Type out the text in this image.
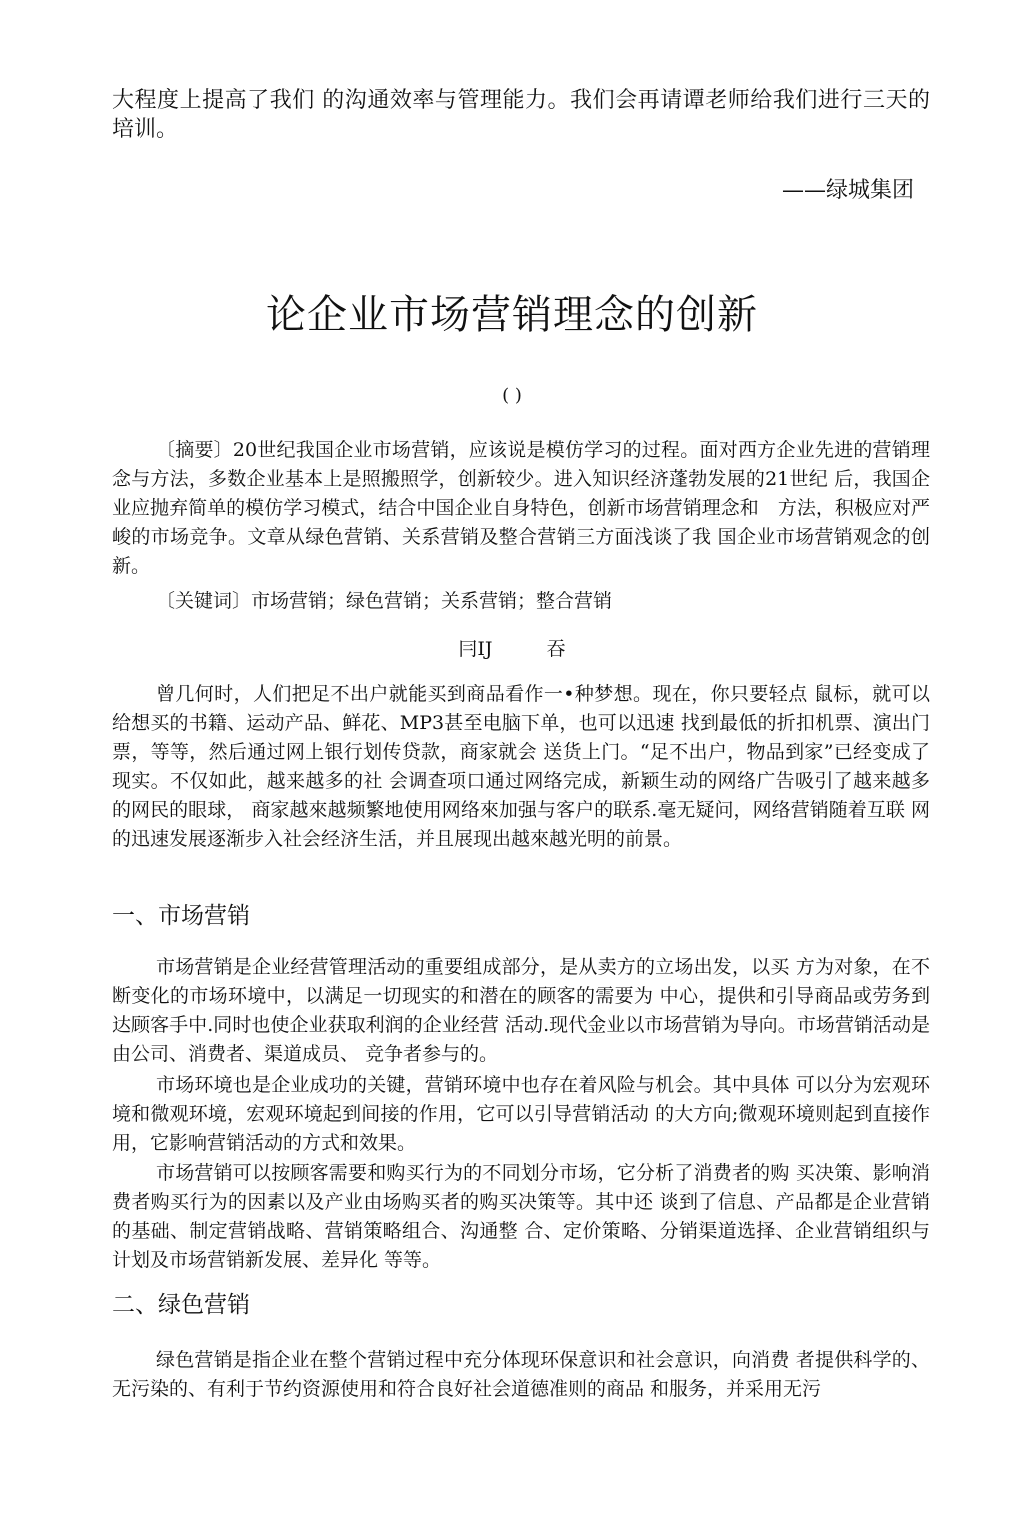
大程度上提高了我们 的沟通效率与管理能力。我们会再请谭老师给我们进行三天的培训。

——绿城集团

论企业市场营销理念的创新

( )

〔摘要〕20世纪我国企业市场营销，应该说是模仿学习的过程。面对西方企业先进的营销理念与方法，多数企业基本上是照搬照学，创新较少。进入知识经济蓬勃发展的21世纪 后，我国企业应抛弃简单的模仿学习模式，结合中国企业自身特色，创新市场营销理念和　方法，积极应对严峻的市场竞争。文章从绿色营销、关系营销及整合营销三方面浅谈了我 国企业市场营销观念的创新。

〔关键词〕市场营销；绿色营销；关系营销；整合营销

冃IJ 吞

曾几何时，人们把足不出户就能买到商品看作一•种梦想。现在，你只要轻点 鼠标，就可以给想买的书籍、运动产品、鲜花、MP3甚至电脑下单，也可以迅速 找到最低的折扣机票、演出门票，等等，然后通过网上银行划传贷款，商家就会 送货上门。“足不出户，物品到家”已经变成了现实。不仅如此，越来越多的社 会调查项口通过网络完成，新颖生动的网络广告吸引了越来越多的网民的眼球， 商家越來越频繁地使用网络來加强与客户的联系.毫无疑问，网络营销随着互联 网的迅速发展逐渐步入社会经济生活，并且展现出越來越光明的前景。

一、市场营销

市场营销是企业经营管理活动的重要组成部分，是从卖方的立场出发，以买 方为对象，在不断变化的市场环境中，以满足一切现实的和潜在的顾客的需要为 中心，提供和引导商品或劳务到达顾客手中.同时也使企业获取利润的企业经营 活动.现代金业以市场营销为导向。市场营销活动是由公司、消费者、渠道成员、 竞争者参与的。

市场环境也是企业成功的关键，营销环境中也存在着风险与机会。其中具体 可以分为宏观环境和微观环境，宏观环境起到间接的作用，它可以引导营销活动 的大方向;微观环境则起到直接作用，它影响营销活动的方式和效果。

市场营销可以按顾客需要和购买行为的不同划分市场，它分析了消费者的购 买决策、影响消费者购买行为的因素以及产业由场购买者的购买决策等。其中还 谈到了信息、产品都是企业营销的基础、制定营销战略、营销策略组合、沟通整 合、定价策略、分销渠道选择、企业营销组织与计划及市场营销新发展、差异化 等等。

二、绿色营销

绿色营销是指企业在整个营销过程中充分体现环保意识和社会意识，向消费 者提供科学的、无污染的、有利于节约资源使用和符合良好社会道德准则的商品 和服务，并采用无污
